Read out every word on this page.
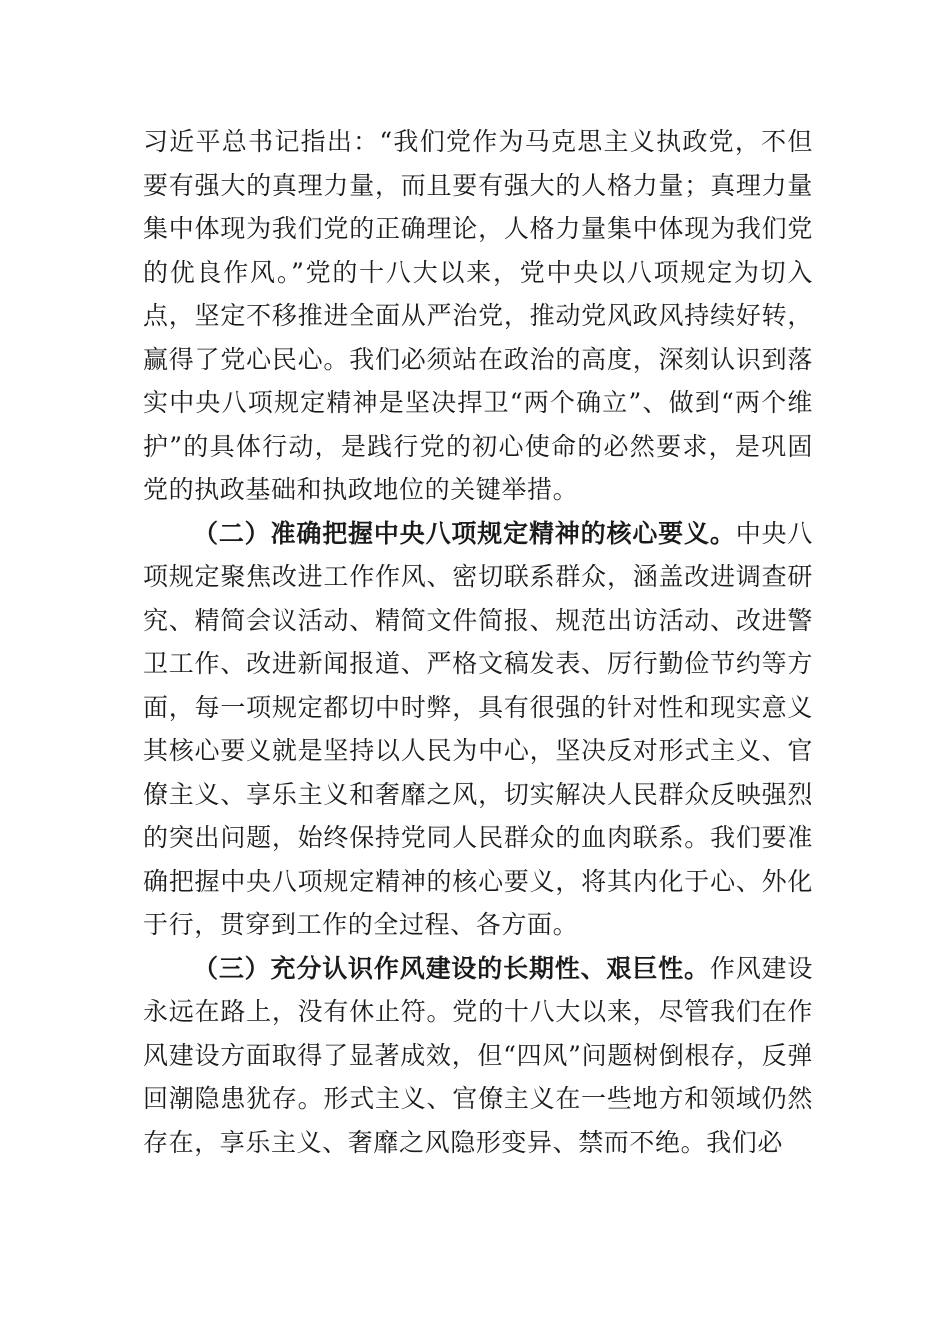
习近平总书记指出：“我们党作为马克思主义执政党，不但要有强大的真理力量，而且要有强大的人格力量；真理力量集中体现为我们党的正确理论，人格力量集中体现为我们党的优良作风。”党的十八大以来，党中央以八项规定为切入点，坚定不移推进全面从严治党，推动党风政风持续好转，赢得了党心民心。我们必须站在政治的高度，深刻认识到落实中央八项规定精神是坚决捍卫“两个确立”、做到“两个维护”的具体行动，是践行党的初心使命的必然要求，是巩固党的执政基础和执政地位的关键举措。

（二）准确把握中央八项规定精神的核心要义。中央八项规定聚焦改进工作作风、密切联系群众，涵盖改进调查研究、精简会议活动、精简文件简报、规范出访活动、改进警卫工作、改进新闻报道、严格文稿发表、厉行勤俭节约等方面，每一项规定都切中时弊，具有很强的针对性和现实意义其核心要义就是坚持以人民为中心，坚决反对形式主义、官僚主义、享乐主义和奢靡之风，切实解决人民群众反映强烈的突出问题，始终保持党同人民群众的血肉联系。我们要准确把握中央八项规定精神的核心要义，将其内化于心、外化于行，贯穿到工作的全过程、各方面。

（三）充分认识作风建设的长期性、艰巨性。作风建设永远在路上，没有休止符。党的十八大以来，尽管我们在作风建设方面取得了显著成效，但“四风”问题树倒根存，反弹回潮隐患犹存。形式主义、官僚主义在一些地方和领域仍然存在，享乐主义、奢靡之风隐形变异、禁而不绝。我们必
